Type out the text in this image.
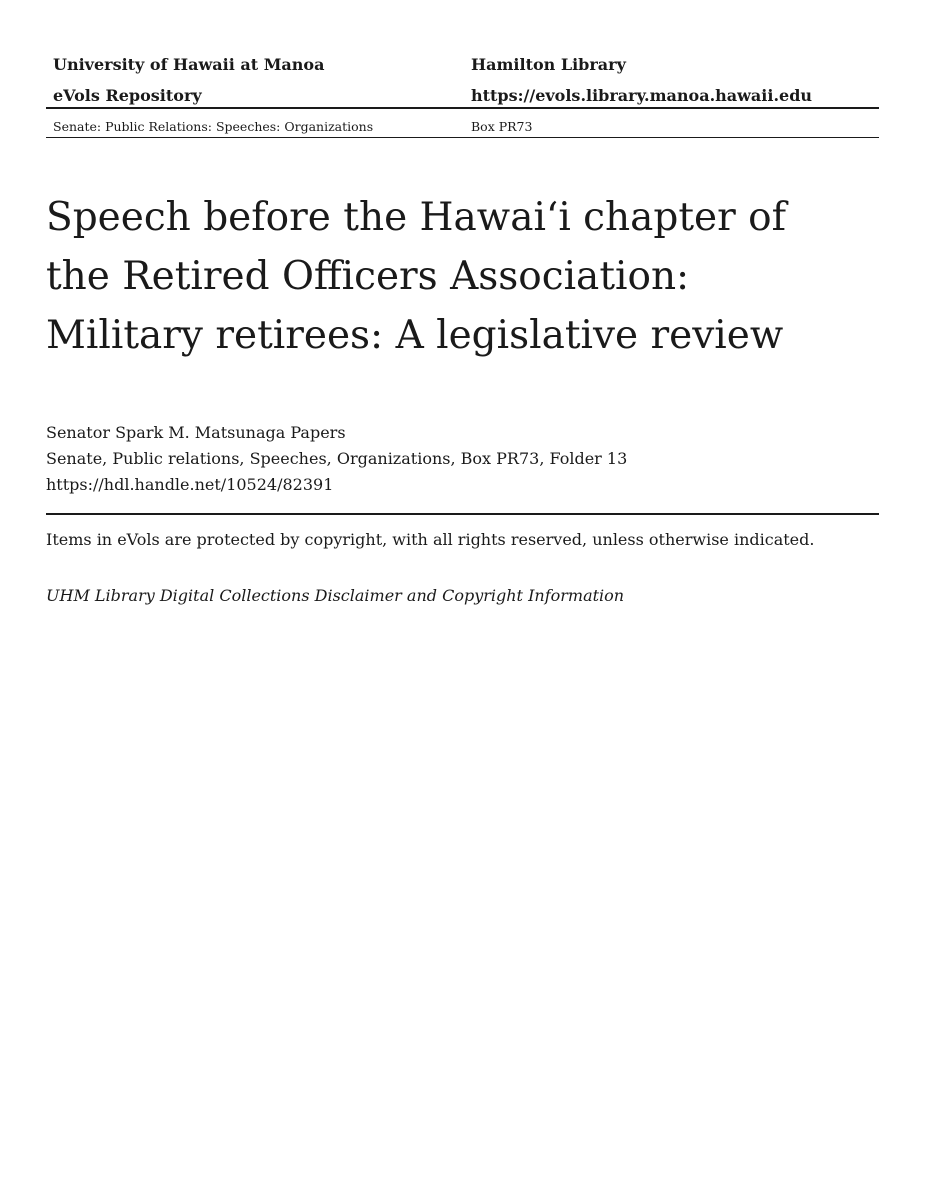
University of Hawaii at Manoa	Hamilton Library
eVols Repository	https://evols.library.manoa.hawaii.edu
Senate: Public Relations: Speeches: Organizations	Box PR73
Speech before the Hawai‘i chapter of
the Retired Officers Association:
Military retirees: A legislative review
Senator Spark M. Matsunaga Papers
Senate, Public relations, Speeches, Organizations, Box PR73, Folder 13
https://hdl.handle.net/10524/82391
Items in eVols are protected by copyright, with all rights reserved, unless otherwise indicated.
UHM Library Digital Collections Disclaimer and Copyright Information
